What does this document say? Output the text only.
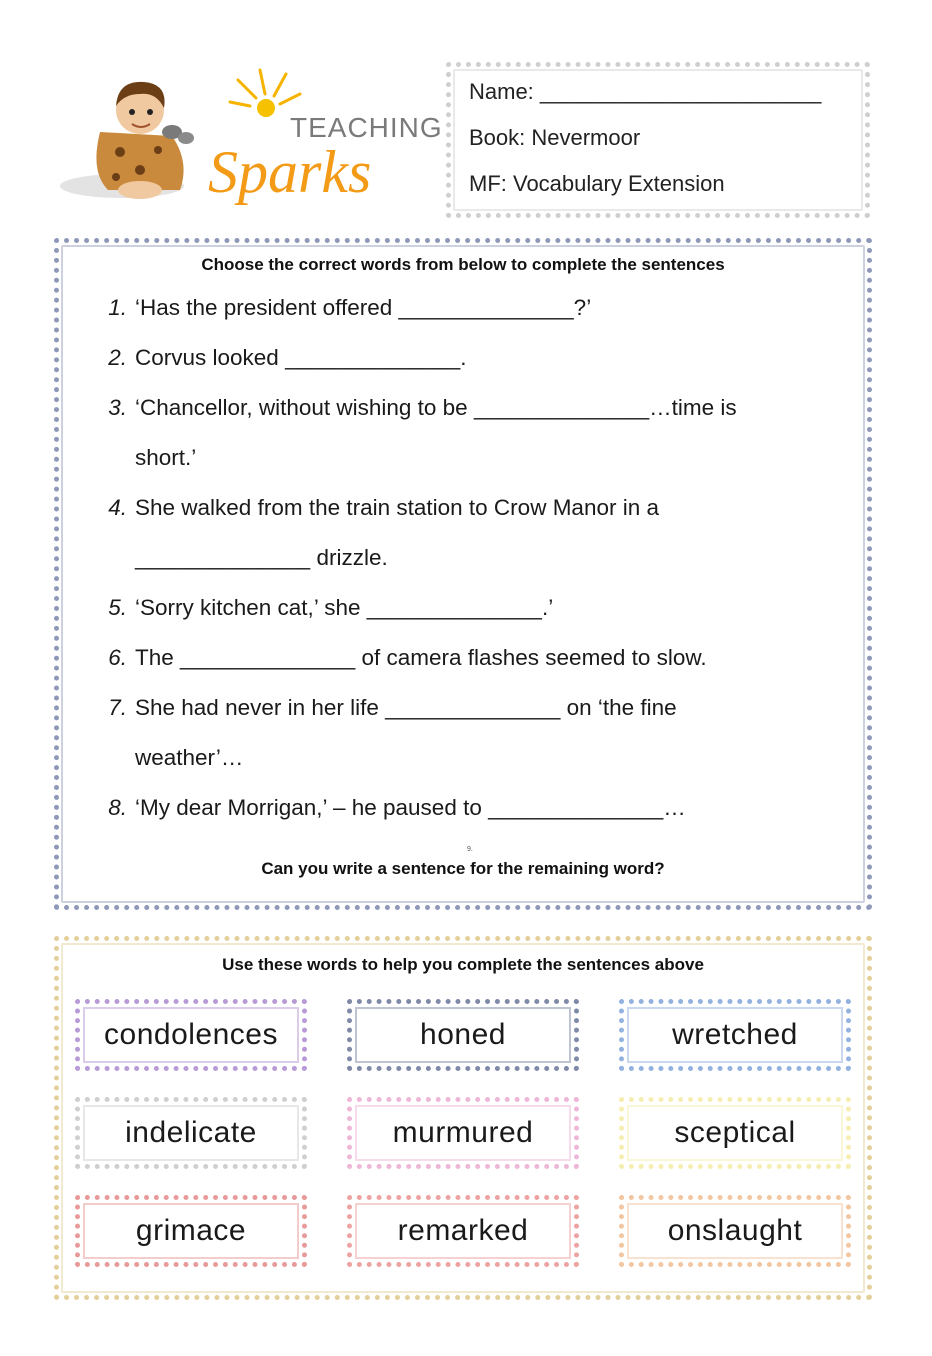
TEACHING
Sparks
Name: _______________________
Book: Nevermoor
MF: Vocabulary Extension
Choose the correct words from below to complete the sentences
1. ‘Has the president offered ______________?’
2. Corvus looked ______________.
3. ‘Chancellor, without wishing to be ______________…time is
short.’
4. She walked from the train station to Crow Manor in a
______________ drizzle.
5. ‘Sorry kitchen cat,’ she ______________.’
6. The ______________ of camera flashes seemed to slow.
7. She had never in her life ______________ on ‘the fine
weather’…
8. ‘My dear Morrigan,’ – he paused to ______________…
9.
Can you write a sentence for the remaining word?
Use these words to help you complete the sentences above
condolences	honed	wretched
indelicate	murmured	sceptical
grimace	remarked	onslaught
